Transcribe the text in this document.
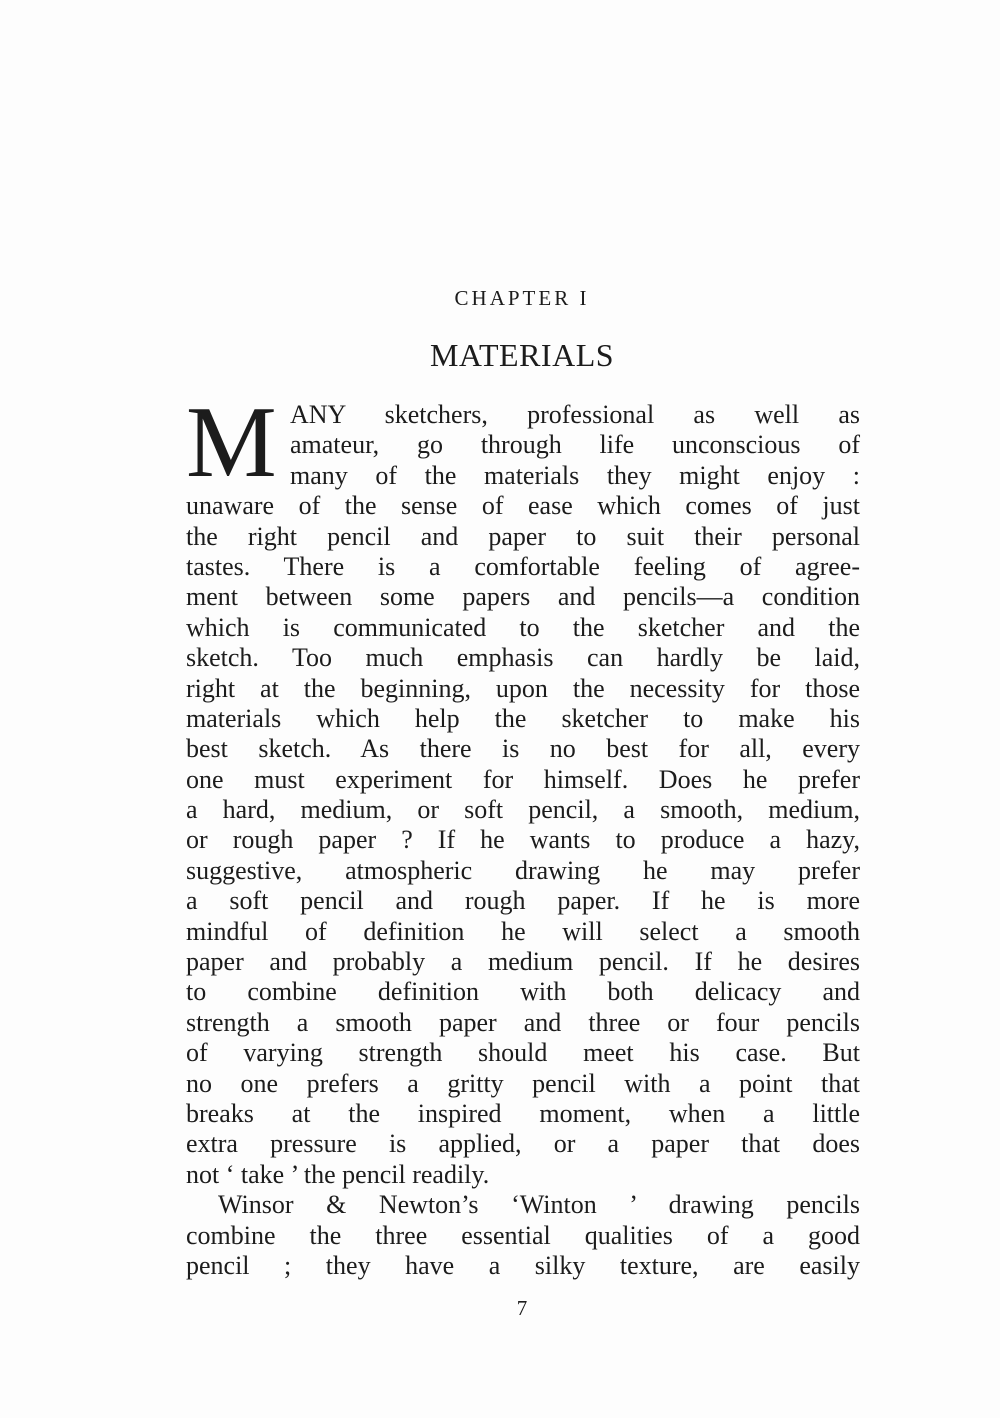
CHAPTER I
MATERIALS
M ANY sketchers, professional as well as
amateur, go through life unconscious of
many of the materials they might enjoy :
unaware of the sense of ease which comes of just
the right pencil and paper to suit their personal
tastes. There is a comfortable feeling of agree-
ment between some papers and pencils—a condition
which is communicated to the sketcher and the
sketch. Too much emphasis can hardly be laid,
right at the beginning, upon the necessity for those
materials which help the sketcher to make his
best sketch. As there is no best for all, every
one must experiment for himself. Does he prefer
a hard, medium, or soft pencil, a smooth, medium,
or rough paper ? If he wants to produce a hazy,
suggestive, atmospheric drawing he may prefer
a soft pencil and rough paper. If he is more
mindful of definition he will select a smooth
paper and probably a medium pencil. If he desires
to combine definition with both delicacy and
strength a smooth paper and three or four pencils
of varying strength should meet his case. But
no one prefers a gritty pencil with a point that
breaks at the inspired moment, when a little
extra pressure is applied, or a paper that does
not ‘ take ’ the pencil readily.
Winsor & Newton’s ‘Winton ’ drawing pencils
combine the three essential qualities of a good
pencil ; they have a silky texture, are easily
7
